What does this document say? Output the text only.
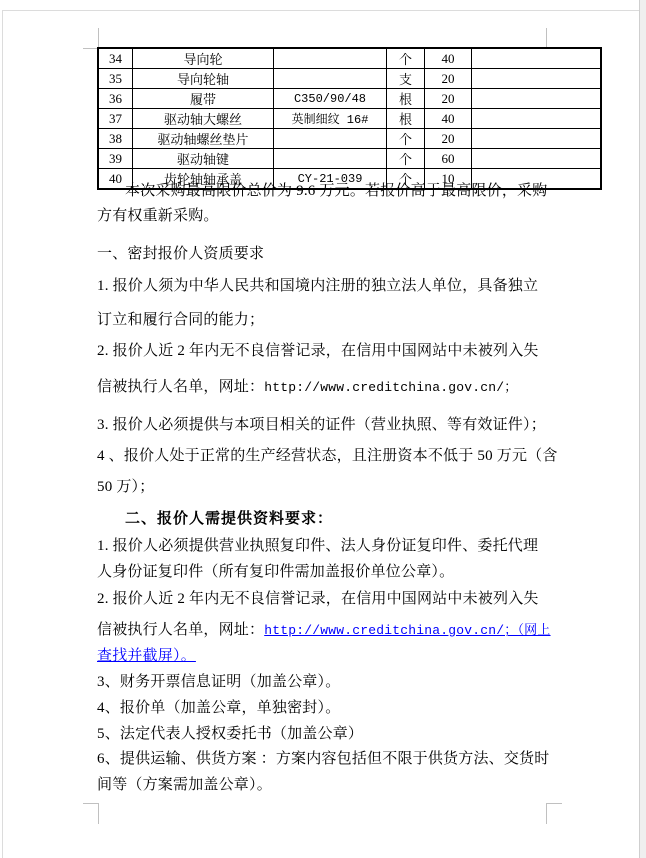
34	导向轮		个	40	
35	导向轮轴		支	20	
36	履带	C350/90/48	根	20	
37	驱动轴大螺丝	英制细纹 16#	根	40	
38	驱动轴螺丝垫片		个	20	
39	驱动轴键		个	60	
40	齿轮轴轴承盖	CY-21-039	个	10	
本次采购最高限价总价为 9.6 万元。若报价高于最高限价，采购
方有权重新采购。
一、密封报价人资质要求
1. 报价人须为中华人民共和国境内注册的独立法人单位，具备独立
订立和履行合同的能力；
2. 报价人近 2 年内无不良信誉记录，在信用中国网站中未被列入失
信被执行人名单，网址：http://www.creditchina.gov.cn/；
3. 报价人必须提供与本项目相关的证件（营业执照、等有效证件）；
4 、报价人处于正常的生产经营状态，且注册资本不低于 50 万元（含
50 万）；
二、报价人需提供资料要求：
1. 报价人必须提供营业执照复印件、法人身份证复印件、委托代理
人身份证复印件（所有复印件需加盖报价单位公章）。
2. 报价人近 2 年内无不良信誉记录，在信用中国网站中未被列入失
信被执行人名单，网址：http://www.creditchina.gov.cn/；（网上
查找并截屏）。
3、财务开票信息证明（加盖公章）。
4、报价单（加盖公章，单独密封）。
5、法定代表人授权委托书（加盖公章）
6、提供运输、供货方案 ：方案内容包括但不限于供货方法、交货时
间等（方案需加盖公章）。
